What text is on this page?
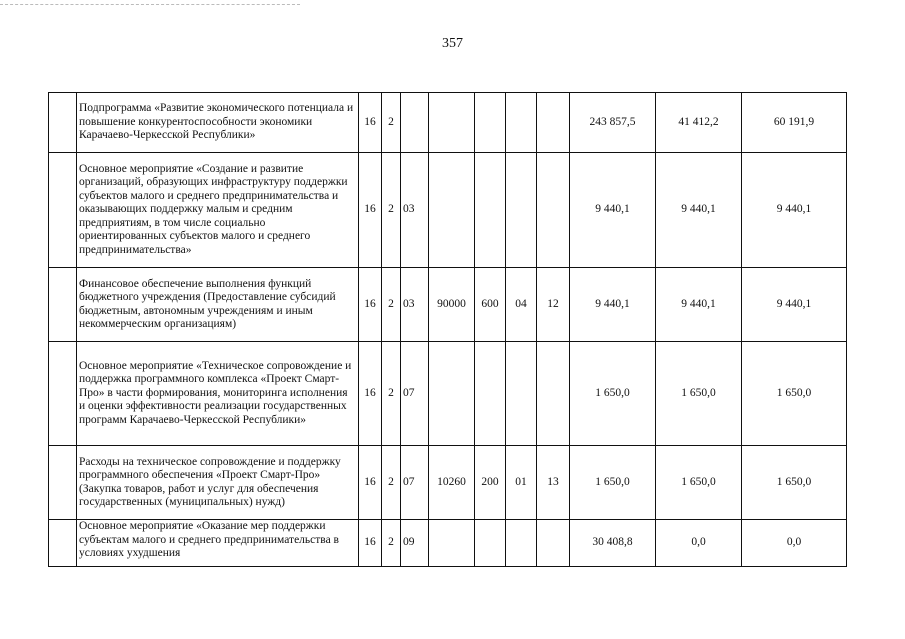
357
	Подпрограмма «Развитие экономического потенциала и повышение конкурентоспособности экономики Карачаево-Черкесской Республики»	16	2						243 857,5	41 412,2	60 191,9
	Основное мероприятие «Создание и развитие организаций, образующих инфраструктуру поддержки субъектов малого и среднего предпринимательства и оказывающих поддержку малым и средним предприятиям, в том числе социально ориентированных субъектов малого и среднего предпринимательства»	16	2	03					9 440,1	9 440,1	9 440,1
	Финансовое обеспечение выполнения функций бюджетного учреждения (Предоставление субсидий бюджетным, автономным учреждениям и иным некоммерческим организациям)	16	2	03	90000	600	04	12	9 440,1	9 440,1	9 440,1
	Основное мероприятие «Техническое сопровождение и поддержка программного комплекса «Проект Смарт-Про» в части формирования, мониторинга исполнения и оценки эффективности реализации государственных программ Карачаево-Черкесской Республики»	16	2	07					1 650,0	1 650,0	1 650,0
	Расходы на техническое сопровождение и поддержку программного обеспечения «Проект Смарт-Про» (Закупка товаров, работ и услуг для обеспечения государственных (муниципальных) нужд)	16	2	07	10260	200	01	13	1 650,0	1 650,0	1 650,0
	Основное мероприятие «Оказание мер поддержки субъектам малого и среднего предпринимательства в условиях ухудшения	16	2	09					30 408,8	0,0	0,0
